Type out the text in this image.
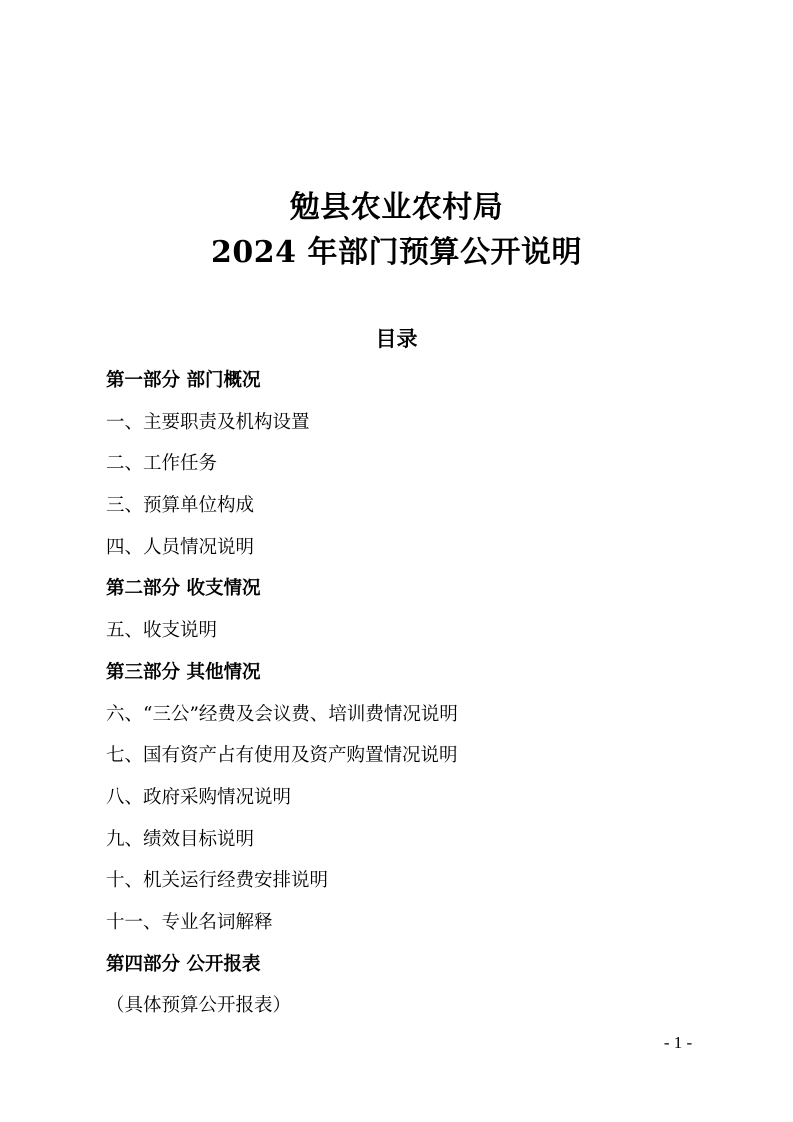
勉县农业农村局
2024 年部门预算公开说明
目录
第一部分 部门概况
一、主要职责及机构设置
二、工作任务
三、预算单位构成
四、人员情况说明
第二部分 收支情况
五、收支说明
第三部分 其他情况
六、“三公”经费及会议费、培训费情况说明
七、国有资产占有使用及资产购置情况说明
八、政府采购情况说明
九、绩效目标说明
十、机关运行经费安排说明
十一、专业名词解释
第四部分 公开报表
（具体预算公开报表）
- 1 -
